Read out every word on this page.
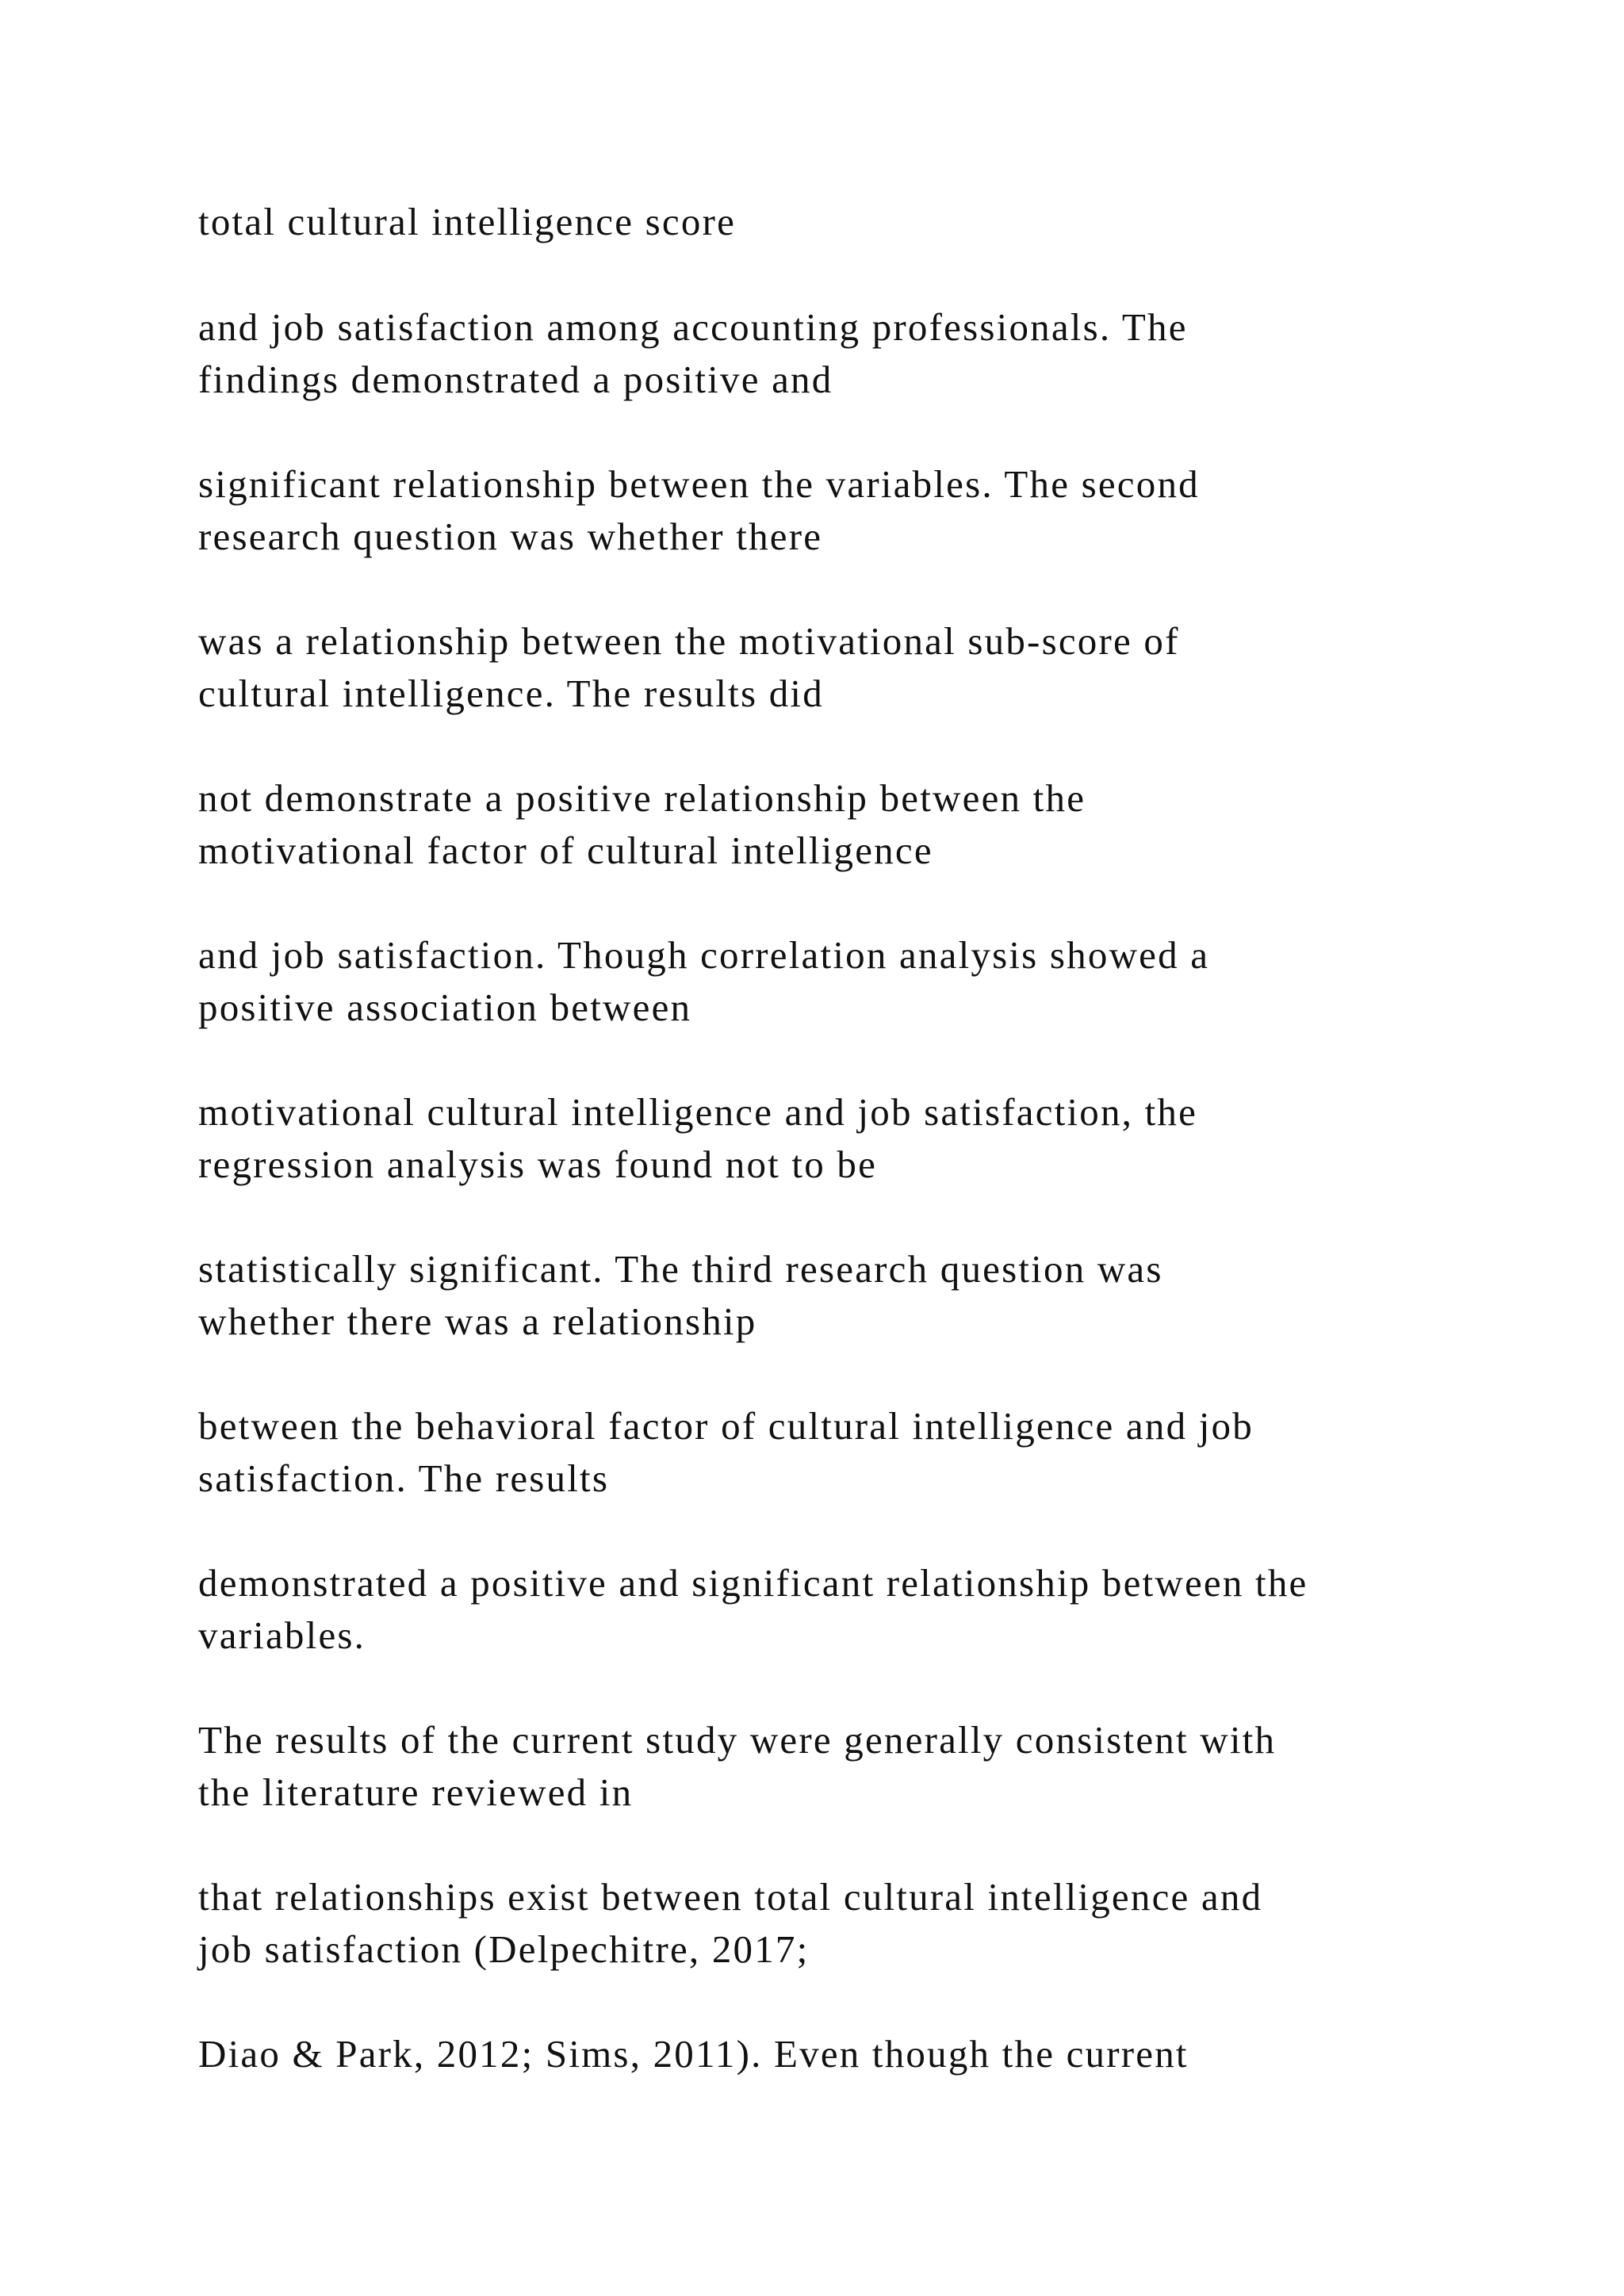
total cultural intelligence score

and job satisfaction among accounting professionals. The
findings demonstrated a positive and

significant relationship between the variables. The second
research question was whether there

was a relationship between the motivational sub-score of
cultural intelligence. The results did

not demonstrate a positive relationship between the
motivational factor of cultural intelligence

and job satisfaction. Though correlation analysis showed a
positive association between

motivational cultural intelligence and job satisfaction, the
regression analysis was found not to be

statistically significant. The third research question was
whether there was a relationship

between the behavioral factor of cultural intelligence and job
satisfaction. The results

demonstrated a positive and significant relationship between the
variables.

The results of the current study were generally consistent with
the literature reviewed in

that relationships exist between total cultural intelligence and
job satisfaction (Delpechitre, 2017;

Diao & Park, 2012; Sims, 2011). Even though the current
